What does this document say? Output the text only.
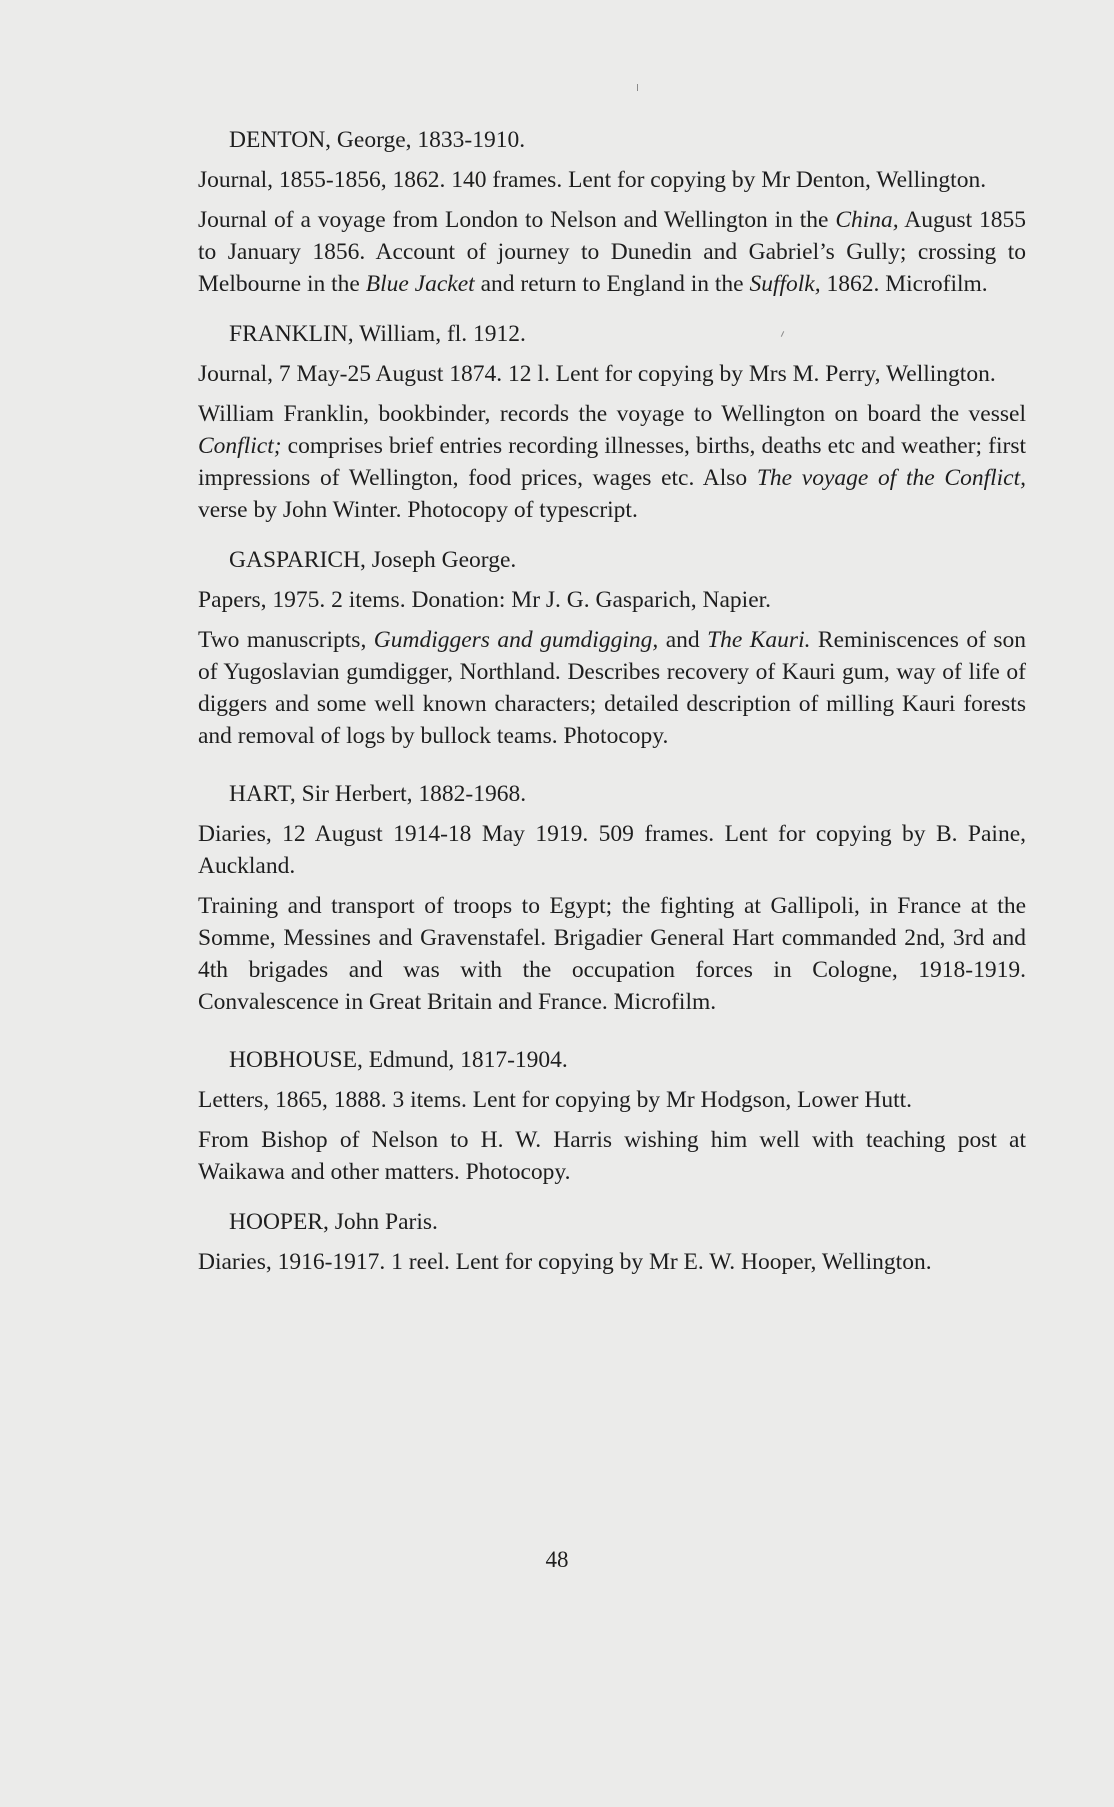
DENTON, George, 1833-1910.

Journal, 1855-1856, 1862. 140 frames. Lent for copying by Mr Denton, Wellington.

Journal of a voyage from London to Nelson and Wellington in the China, August 1855 to January 1856. Account of journey to Dunedin and Gabriel’s Gully; crossing to Melbourne in the Blue Jacket and return to England in the Suffolk, 1862. Microfilm.

FRANKLIN, William, fl. 1912.

Journal, 7 May-25 August 1874. 12 l. Lent for copying by Mrs M. Perry, Wellington.

William Franklin, bookbinder, records the voyage to Wellington on board the vessel Conflict; comprises brief entries recording illnesses, births, deaths etc and weather; first impressions of Wellington, food prices, wages etc. Also The voyage of the Conflict, verse by John Winter. Photocopy of typescript.

GASPARICH, Joseph George.

Papers, 1975. 2 items. Donation: Mr J. G. Gasparich, Napier.

Two manuscripts, Gumdiggers and gumdigging, and The Kauri. Reminiscences of son of Yugoslavian gumdigger, Northland. Describes recovery of Kauri gum, way of life of diggers and some well known characters; detailed description of milling Kauri forests and removal of logs by bullock teams. Photocopy.

HART, Sir Herbert, 1882-1968.

Diaries, 12 August 1914-18 May 1919. 509 frames. Lent for copying by B. Paine, Auckland.

Training and transport of troops to Egypt; the fighting at Gallipoli, in France at the Somme, Messines and Gravenstafel. Brigadier General Hart commanded 2nd, 3rd and 4th brigades and was with the occupation forces in Cologne, 1918-1919. Convalescence in Great Britain and France. Microfilm.

HOBHOUSE, Edmund, 1817-1904.

Letters, 1865, 1888. 3 items. Lent for copying by Mr Hodgson, Lower Hutt.

From Bishop of Nelson to H. W. Harris wishing him well with teaching post at Waikawa and other matters. Photocopy.

HOOPER, John Paris.

Diaries, 1916-1917. 1 reel. Lent for copying by Mr E. W. Hooper, Wellington.

48
